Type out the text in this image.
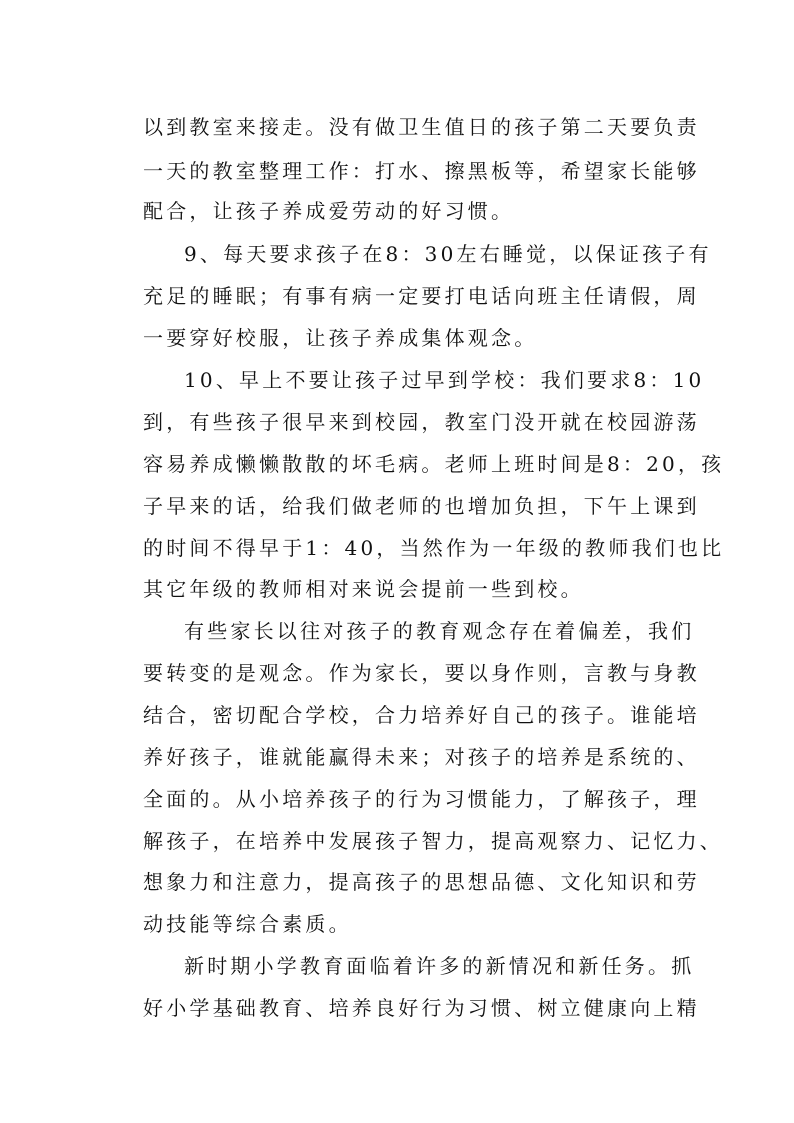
以到教室来接走。没有做卫生值日的孩子第二天要负责
一天的教室整理工作：打水、擦黑板等，希望家长能够
配合，让孩子养成爱劳动的好习惯。
9、每天要求孩子在8：30左右睡觉，以保证孩子有
充足的睡眠；有事有病一定要打电话向班主任请假，周
一要穿好校服，让孩子养成集体观念。
10、早上不要让孩子过早到学校：我们要求8：10
到，有些孩子很早来到校园，教室门没开就在校园游荡
容易养成懒懒散散的坏毛病。老师上班时间是8：20，孩
子早来的话，给我们做老师的也增加负担，下午上课到
的时间不得早于1：40，当然作为一年级的教师我们也比
其它年级的教师相对来说会提前一些到校。
有些家长以往对孩子的教育观念存在着偏差，我们
要转变的是观念。作为家长，要以身作则，言教与身教
结合，密切配合学校，合力培养好自己的孩子。谁能培
养好孩子，谁就能赢得未来；对孩子的培养是系统的、
全面的。从小培养孩子的行为习惯能力，了解孩子，理
解孩子，在培养中发展孩子智力，提高观察力、记忆力、
想象力和注意力，提高孩子的思想品德、文化知识和劳
动技能等综合素质。
新时期小学教育面临着许多的新情况和新任务。抓
好小学基础教育、培养良好行为习惯、树立健康向上精
